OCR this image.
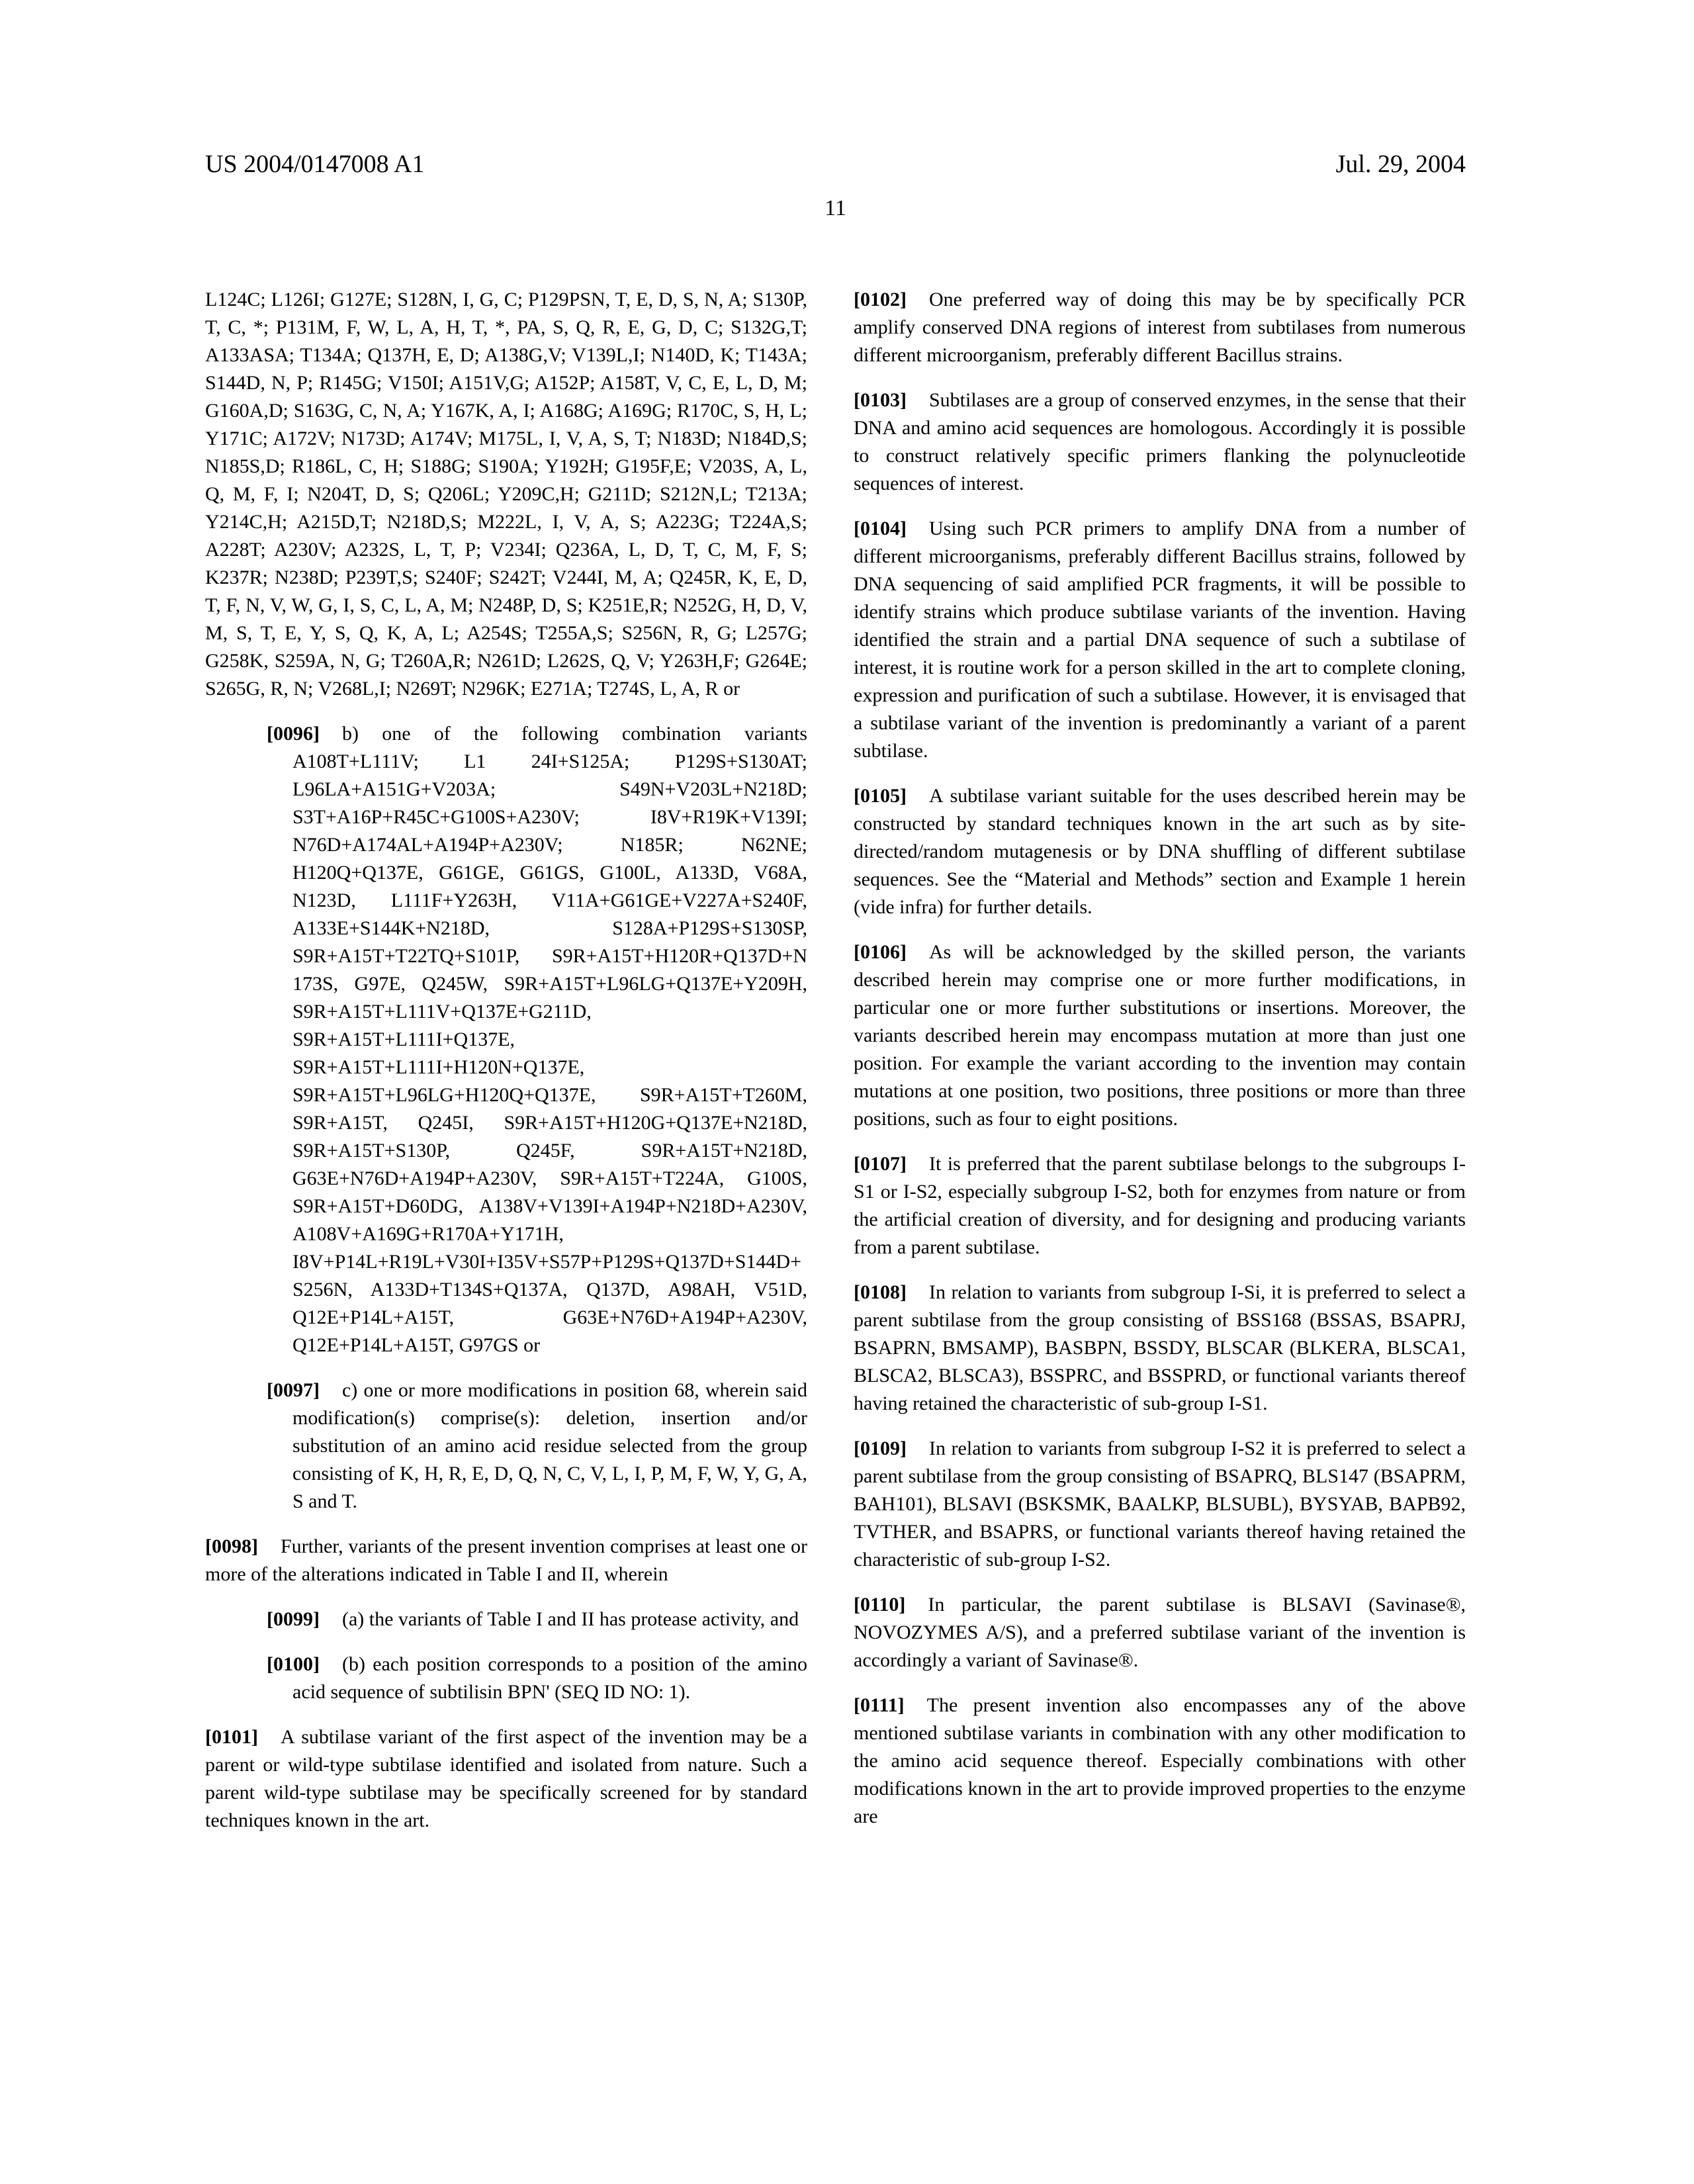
US 2004/0147008 A1	Jul. 29, 2004
11

L124C; L126I; G127E; S128N, I, G, C; P129PSN, T, E, D, S, N, A; S130P, T, C, *; P131M, F, W, L, A, H, T, *, PA, S, Q, R, E, G, D, C; S132G,T; A133ASA; T134A; Q137H, E, D; A138G,V; V139L,I; N140D, K; T143A; S144D, N, P; R145G; V150I; A151V,G; A152P; A158T, V, C, E, L, D, M; G160A,D; S163G, C, N, A; Y167K, A, I; A168G; A169G; R170C, S, H, L; Y171C; A172V; N173D; A174V; M175L, I, V, A, S, T; N183D; N184D,S; N185S,D; R186L, C, H; S188G; S190A; Y192H; G195F,E; V203S, A, L, Q, M, F, I; N204T, D, S; Q206L; Y209C,H; G211D; S212N,L; T213A; Y214C,H; A215D,T; N218D,S; M222L, I, V, A, S; A223G; T224A,S; A228T; A230V; A232S, L, T, P; V234I; Q236A, L, D, T, C, M, F, S; K237R; N238D; P239T,S; S240F; S242T; V244I, M, A; Q245R, K, E, D, T, F, N, V, W, G, I, S, C, L, A, M; N248P, D, S; K251E,R; N252G, H, D, V, M, S, T, E, Y, S, Q, K, A, L; A254S; T255A,S; S256N, R, G; L257G; G258K, S259A, N, G; T260A,R; N261D; L262S, Q, V; Y263H,F; G264E; S265G, R, N; V268L,I; N269T; N296K; E271A; T274S, L, A, R or

[0096] b) one of the following combination variants A108T+L111V; L1 24I+S125A; P129S+S130AT; L96LA+A151G+V203A; S49N+V203L+N218D; S3T+A16P+R45C+G100S+A230V; I8V+R19K+V139I; N76D+A174AL+A194P+A230V; N185R; N62NE; H120Q+Q137E, G61GE, G61GS, G100L, A133D, V68A, N123D, L111F+Y263H, V11A+G61GE+V227A+S240F, A133E+S144K+N218D, S128A+P129S+S130SP, S9R+A15T+T22TQ+S101P, S9R+A15T+H120R+Q137D+N 173S, G97E, Q245W, S9R+A15T+L96LG+Q137E+Y209H, S9R+A15T+L111V+Q137E+G211D, S9R+A15T+L111I+Q137E, S9R+A15T+L111I+H120N+Q137E, S9R+A15T+L96LG+H120Q+Q137E, S9R+A15T+T260M, S9R+A15T, Q245I, S9R+A15T+H120G+Q137E+N218D, S9R+A15T+S130P, Q245F, S9R+A15T+N218D, G63E+N76D+A194P+A230V, S9R+A15T+T224A, G100S, S9R+A15T+D60DG, A138V+V139I+A194P+N218D+A230V, A108V+A169G+R170A+Y171H, I8V+P14L+R19L+V30I+I35V+S57P+P129S+Q137D+S144D+S256N, A133D+T134S+Q137A, Q137D, A98AH, V51D, Q12E+P14L+A15T, G63E+N76D+A194P+A230V, Q12E+P14L+A15T, G97GS or

[0097] c) one or more modifications in position 68, wherein said modification(s) comprise(s): deletion, insertion and/or substitution of an amino acid residue selected from the group consisting of K, H, R, E, D, Q, N, C, V, L, I, P, M, F, W, Y, G, A, S and T.

[0098] Further, variants of the present invention comprises at least one or more of the alterations indicated in Table I and II, wherein

[0099] (a) the variants of Table I and II has protease activity, and

[0100] (b) each position corresponds to a position of the amino acid sequence of subtilisin BPN' (SEQ ID NO: 1).

[0101] A subtilase variant of the first aspect of the invention may be a parent or wild-type subtilase identified and isolated from nature. Such a parent wild-type subtilase may be specifically screened for by standard techniques known in the art.

[0102] One preferred way of doing this may be by specifically PCR amplify conserved DNA regions of interest from subtilases from numerous different microorganism, preferably different Bacillus strains.

[0103] Subtilases are a group of conserved enzymes, in the sense that their DNA and amino acid sequences are homologous. Accordingly it is possible to construct relatively specific primers flanking the polynucleotide sequences of interest.

[0104] Using such PCR primers to amplify DNA from a number of different microorganisms, preferably different Bacillus strains, followed by DNA sequencing of said amplified PCR fragments, it will be possible to identify strains which produce subtilase variants of the invention. Having identified the strain and a partial DNA sequence of such a subtilase of interest, it is routine work for a person skilled in the art to complete cloning, expression and purification of such a subtilase. However, it is envisaged that a subtilase variant of the invention is predominantly a variant of a parent subtilase.

[0105] A subtilase variant suitable for the uses described herein may be constructed by standard techniques known in the art such as by site-directed/random mutagenesis or by DNA shuffling of different subtilase sequences. See the “Material and Methods” section and Example 1 herein (vide infra) for further details.

[0106] As will be acknowledged by the skilled person, the variants described herein may comprise one or more further modifications, in particular one or more further substitutions or insertions. Moreover, the variants described herein may encompass mutation at more than just one position. For example the variant according to the invention may contain mutations at one position, two positions, three positions or more than three positions, such as four to eight positions.

[0107] It is preferred that the parent subtilase belongs to the subgroups I-S1 or I-S2, especially subgroup I-S2, both for enzymes from nature or from the artificial creation of diversity, and for designing and producing variants from a parent subtilase.

[0108] In relation to variants from subgroup I-Si, it is preferred to select a parent subtilase from the group consisting of BSS168 (BSSAS, BSAPRJ, BSAPRN, BMSAMP), BASBPN, BSSDY, BLSCAR (BLKERA, BLSCA1, BLSCA2, BLSCA3), BSSPRC, and BSSPRD, or functional variants thereof having retained the characteristic of sub-group I-S1.

[0109] In relation to variants from subgroup I-S2 it is preferred to select a parent subtilase from the group consisting of BSAPRQ, BLS147 (BSAPRM, BAH101), BLSAVI (BSKSMK, BAALKP, BLSUBL), BYSYAB, BAPB92, TVTHER, and BSAPRS, or functional variants thereof having retained the characteristic of sub-group I-S2.

[0110] In particular, the parent subtilase is BLSAVI (Savinase®, NOVOZYMES A/S), and a preferred subtilase variant of the invention is accordingly a variant of Savinase®.

[0111] The present invention also encompasses any of the above mentioned subtilase variants in combination with any other modification to the amino acid sequence thereof. Especially combinations with other modifications known in the art to provide improved properties to the enzyme are
